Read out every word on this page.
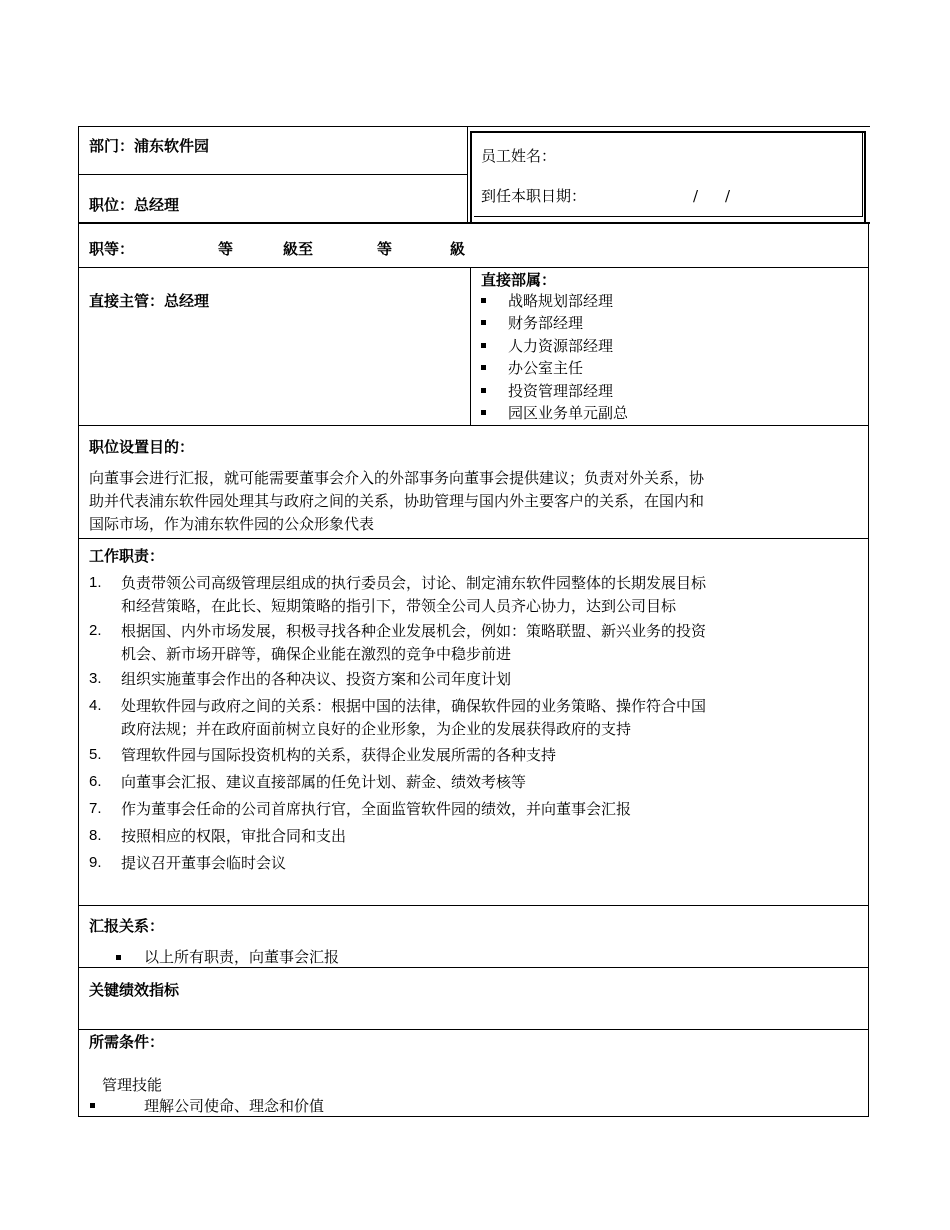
部门：浦东软件园
职位：总经理
员工姓名：
到任本职日期：	/ /
职等：	等	級至	等	級
直接主管：总经理
直接部属：
战略规划部经理
财务部经理
人力资源部经理
办公室主任
投资管理部经理
园区业务单元副总
职位设置目的：
向董事会进行汇报，就可能需要董事会介入的外部事务向董事会提供建议；负责对外关系，协
助并代表浦东软件园处理其与政府之间的关系，协助管理与国内外主要客户的关系，在国内和
国际市场，作为浦东软件园的公众形象代表
工作职责：
1. 负责带领公司高级管理层组成的执行委员会，讨论、制定浦东软件园整体的长期发展目标
和经营策略，在此长、短期策略的指引下，带领全公司人员齐心协力，达到公司目标
2. 根据国、内外市场发展，积极寻找各种企业发展机会，例如：策略联盟、新兴业务的投资
机会、新市场开辟等，确保企业能在激烈的竞争中稳步前进
3. 组织实施董事会作出的各种决议、投资方案和公司年度计划
4. 处理软件园与政府之间的关系：根据中国的法律，确保软件园的业务策略、操作符合中国
政府法规；并在政府面前树立良好的企业形象，为企业的发展获得政府的支持
5. 管理软件园与国际投资机构的关系，获得企业发展所需的各种支持
6. 向董事会汇报、建议直接部属的任免计划、薪金、绩效考核等
7. 作为董事会任命的公司首席执行官，全面监管软件园的绩效，并向董事会汇报
8. 按照相应的权限，审批合同和支出
9. 提议召开董事会临时会议
汇报关系：
以上所有职责，向董事会汇报
关键绩效指标
所需条件：
管理技能
理解公司使命、理念和价值
